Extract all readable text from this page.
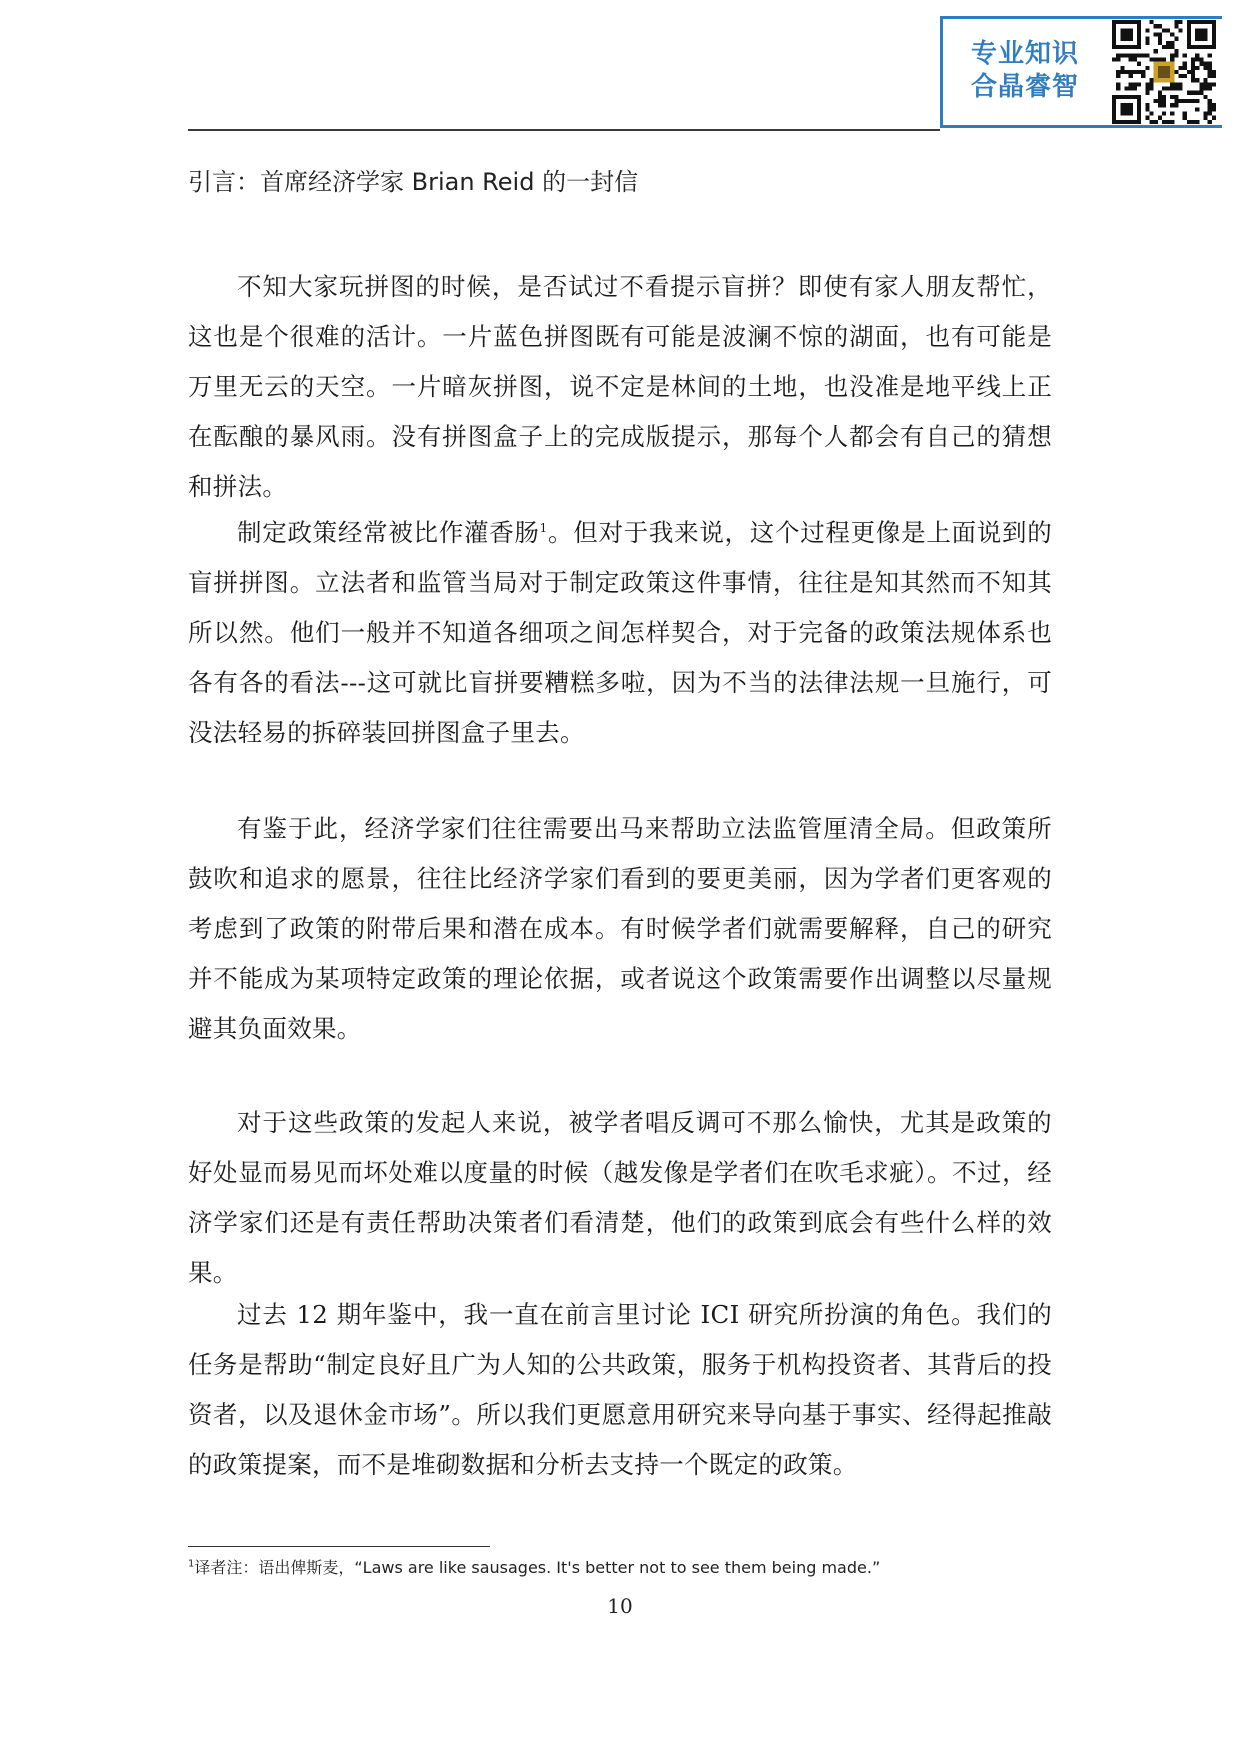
专业知识
合晶睿智
引言：首席经济学家 Brian Reid 的一封信
不知大家玩拼图的时候，是否试过不看提示盲拼？即使有家人朋友帮忙，这也是个很难的活计。一片蓝色拼图既有可能是波澜不惊的湖面，也有可能是万里无云的天空。一片暗灰拼图，说不定是林间的土地，也没准是地平线上正在酝酿的暴风雨。没有拼图盒子上的完成版提示，那每个人都会有自己的猜想和拼法。
制定政策经常被比作灌香肠$^1$。但对于我来说，这个过程更像是上面说到的盲拼拼图。立法者和监管当局对于制定政策这件事情，往往是知其然而不知其所以然。他们一般并不知道各细项之间怎样契合，对于完备的政策法规体系也各有各的看法---这可就比盲拼要糟糕多啦，因为不当的法律法规一旦施行，可没法轻易的拆碎装回拼图盒子里去。
有鉴于此，经济学家们往往需要出马来帮助立法监管厘清全局。但政策所鼓吹和追求的愿景，往往比经济学家们看到的要更美丽，因为学者们更客观的考虑到了政策的附带后果和潜在成本。有时候学者们就需要解释，自己的研究并不能成为某项特定政策的理论依据，或者说这个政策需要作出调整以尽量规避其负面效果。
对于这些政策的发起人来说，被学者唱反调可不那么愉快，尤其是政策的好处显而易见而坏处难以度量的时候（越发像是学者们在吹毛求疵）。不过，经济学家们还是有责任帮助决策者们看清楚，他们的政策到底会有些什么样的效果。
过去 12 期年鉴中，我一直在前言里讨论 ICI 研究所扮演的角色。我们的任务是帮助“制定良好且广为人知的公共政策，服务于机构投资者、其背后的投资者，以及退休金市场”。所以我们更愿意用研究来导向基于事实、经得起推敲的政策提案，而不是堆砌数据和分析去支持一个既定的政策。
$^1$译者注：语出俾斯麦，“Laws are like sausages. It's better not to see them being made.”
10
